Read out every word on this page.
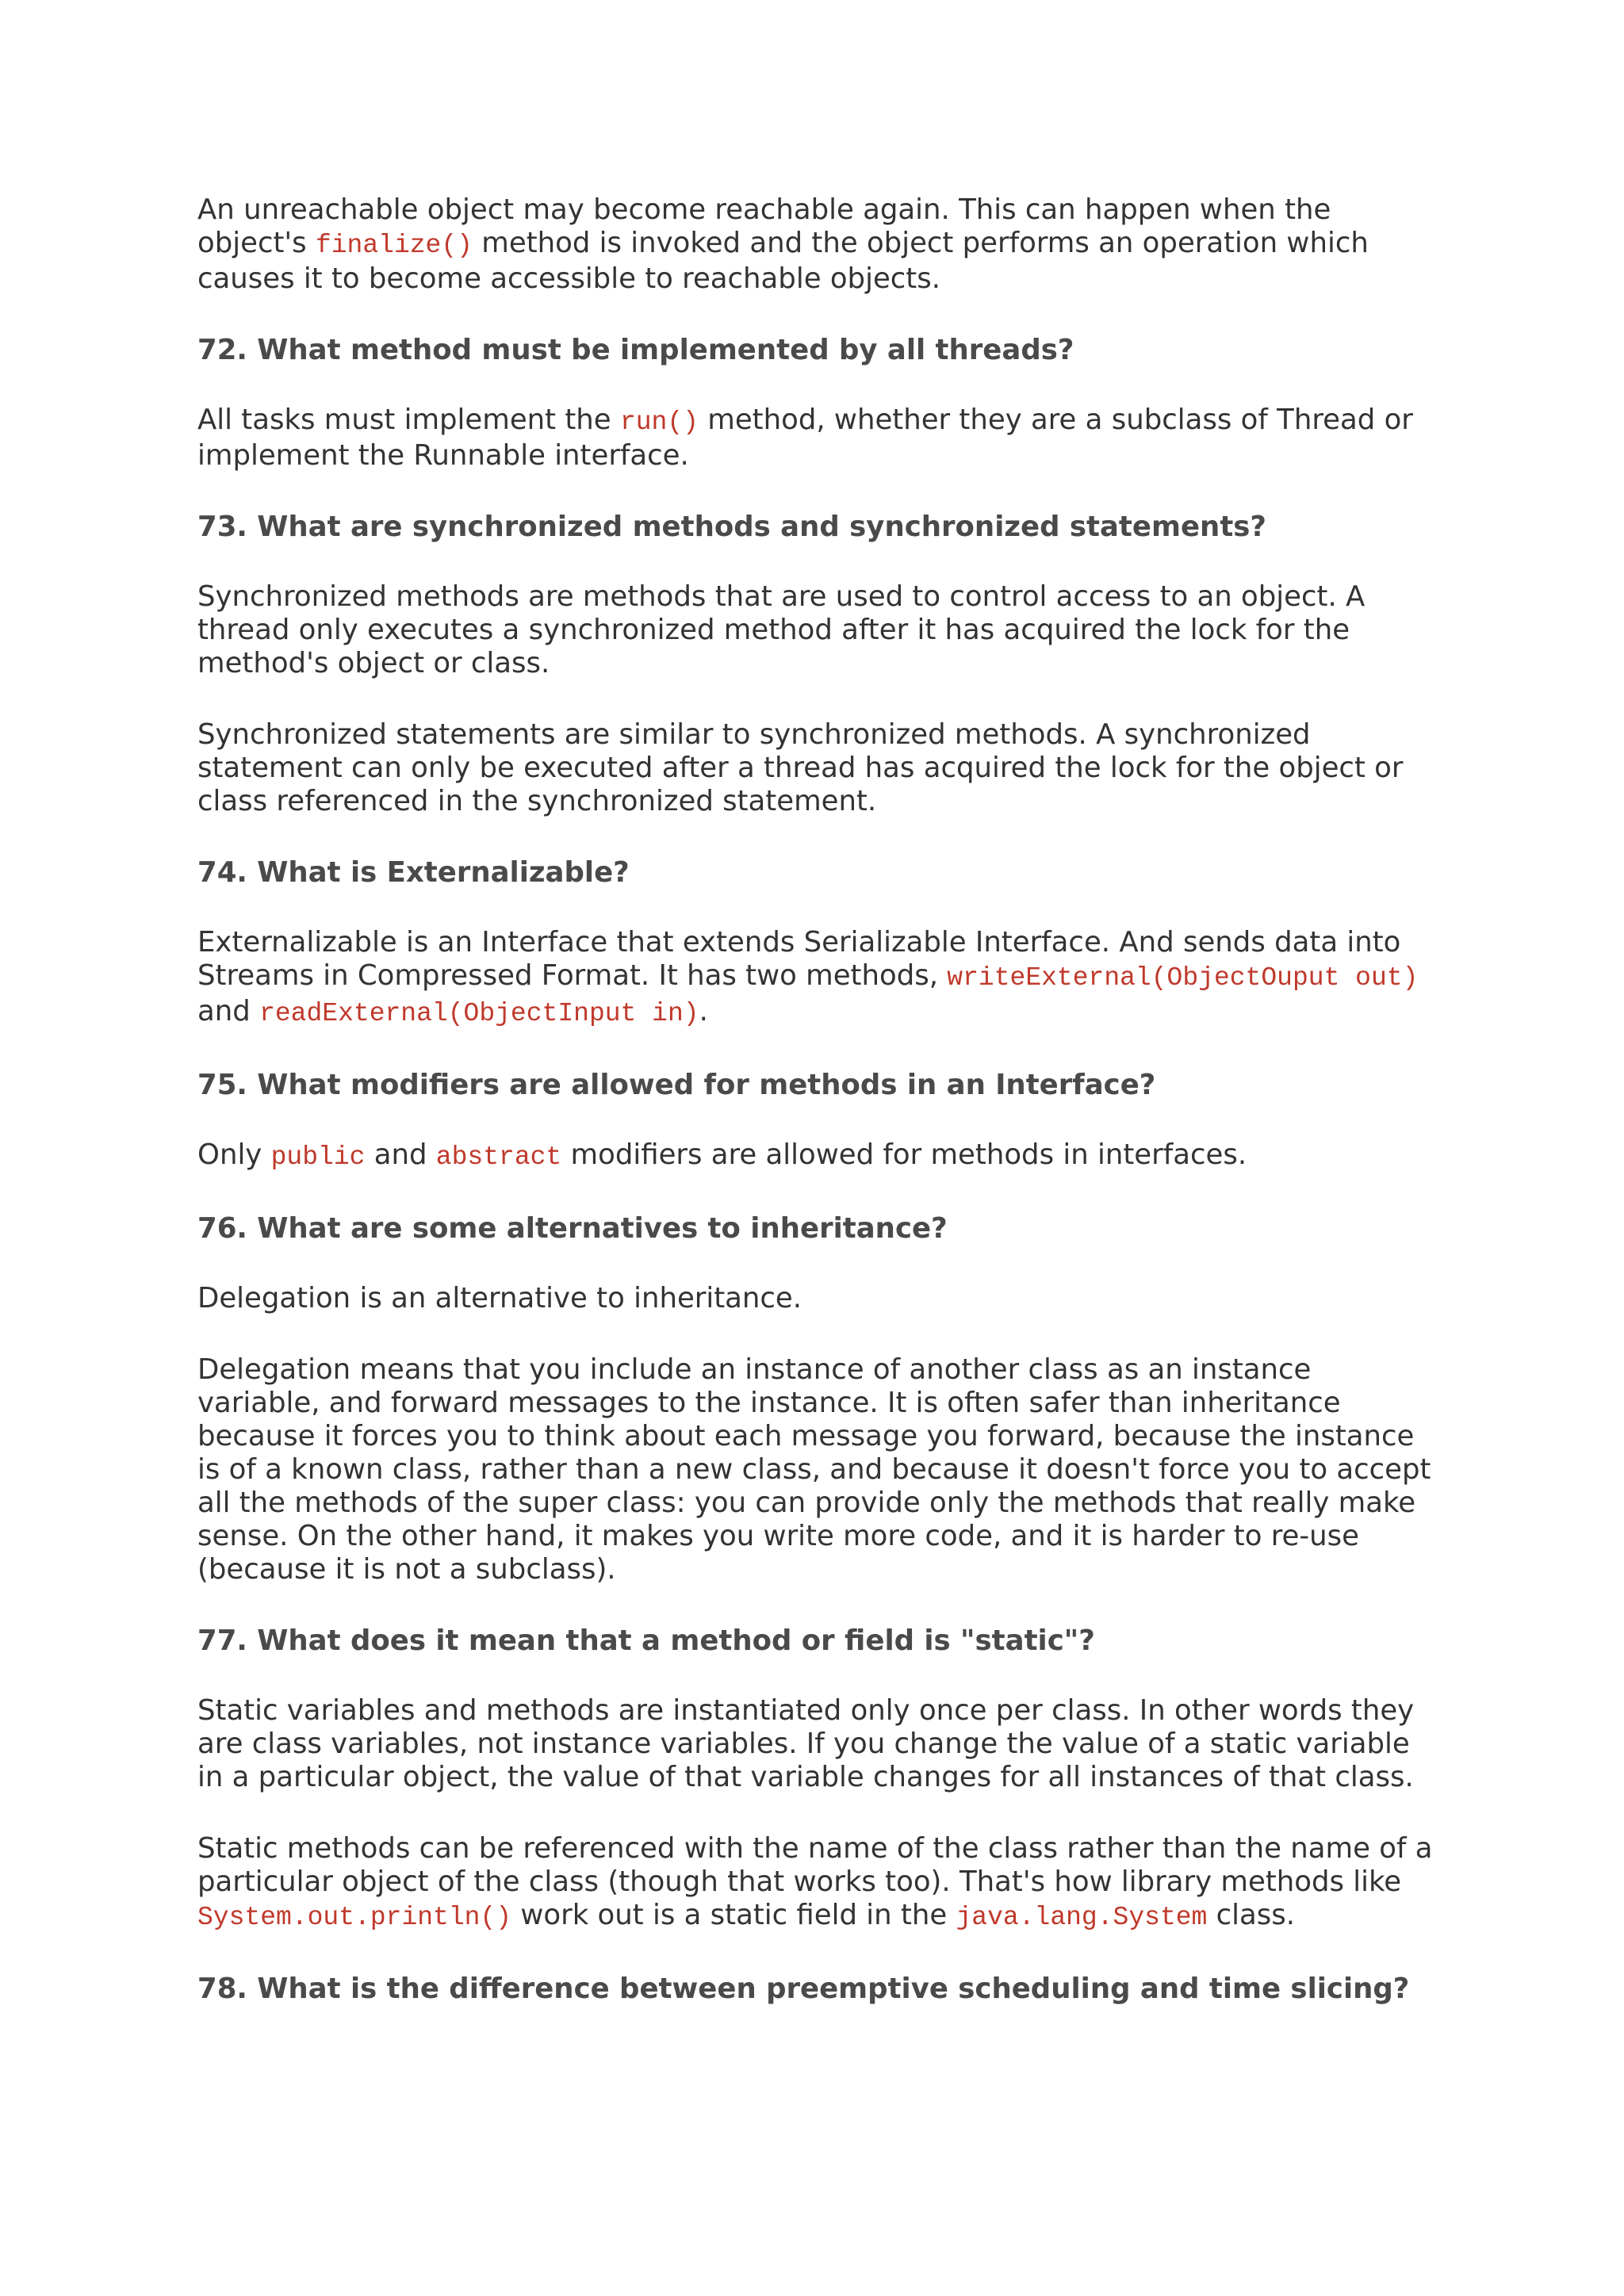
An unreachable object may become reachable again. This can happen when the object's finalize() method is invoked and the object performs an operation which causes it to become accessible to reachable objects.

72. What method must be implemented by all threads?

All tasks must implement the run() method, whether they are a subclass of Thread or implement the Runnable interface.

73. What are synchronized methods and synchronized statements?

Synchronized methods are methods that are used to control access to an object. A thread only executes a synchronized method after it has acquired the lock for the method's object or class.

Synchronized statements are similar to synchronized methods. A synchronized statement can only be executed after a thread has acquired the lock for the object or class referenced in the synchronized statement.

74. What is Externalizable?

Externalizable is an Interface that extends Serializable Interface. And sends data into Streams in Compressed Format. It has two methods, writeExternal(ObjectOuput out) and readExternal(ObjectInput in).

75. What modifiers are allowed for methods in an Interface?

Only public and abstract modifiers are allowed for methods in interfaces.

76. What are some alternatives to inheritance?

Delegation is an alternative to inheritance.

Delegation means that you include an instance of another class as an instance variable, and forward messages to the instance. It is often safer than inheritance because it forces you to think about each message you forward, because the instance is of a known class, rather than a new class, and because it doesn't force you to accept all the methods of the super class: you can provide only the methods that really make sense. On the other hand, it makes you write more code, and it is harder to re-use (because it is not a subclass).

77. What does it mean that a method or field is "static"?

Static variables and methods are instantiated only once per class. In other words they are class variables, not instance variables. If you change the value of a static variable in a particular object, the value of that variable changes for all instances of that class.

Static methods can be referenced with the name of the class rather than the name of a particular object of the class (though that works too). That's how library methods like System.out.println() work out is a static field in the java.lang.System class.

78. What is the difference between preemptive scheduling and time slicing?
